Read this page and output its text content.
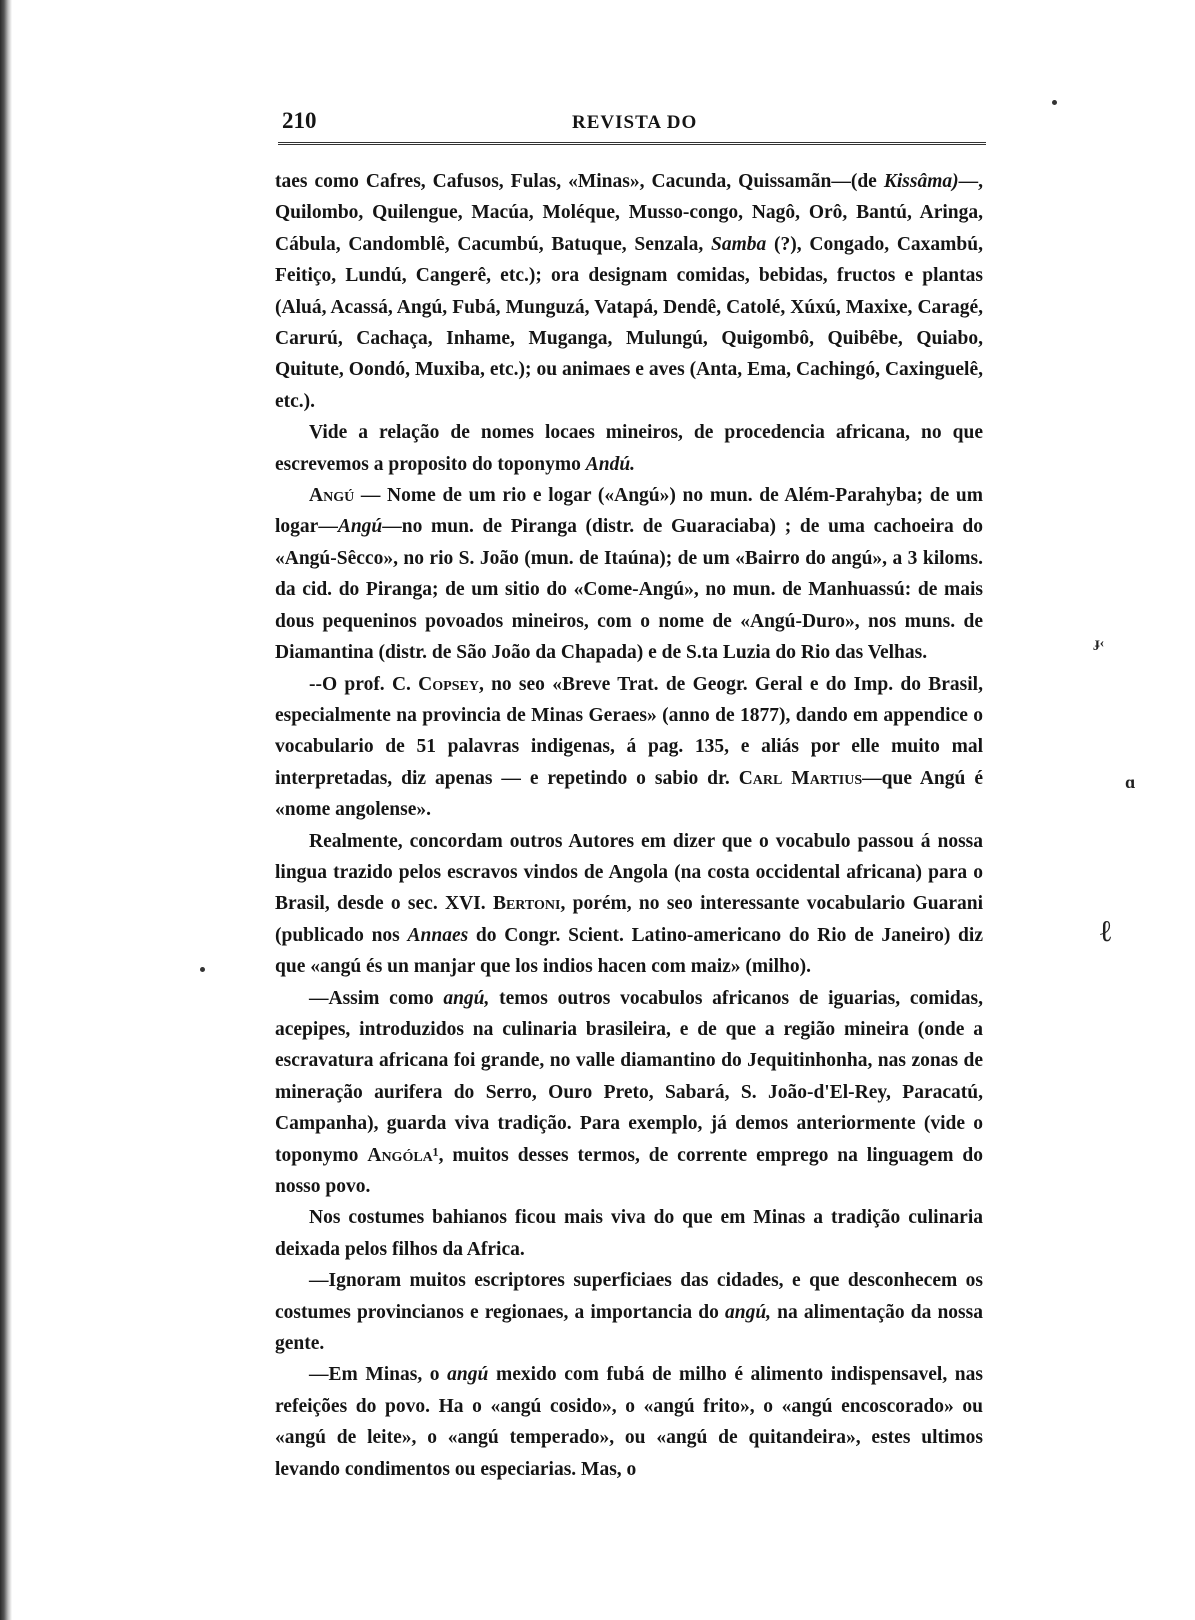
210	REVISTA DO

taes como Cafres, Cafusos, Fulas, «Minas», Cacunda, Quissamãn—(de Kissâma)—, Quilombo, Quilengue, Macúa, Moléque, Musso-congo, Nagô, Orô, Bantú, Aringa, Cábula, Candomblê, Cacumbú, Batuque, Senzala, Samba (?), Congado, Caxambú, Feitiço, Lundú, Cangerê, etc.); ora designam comidas, bebidas, fructos e plantas (Aluá, Acassá, Angú, Fubá, Munguzá, Vatapá, Dendê, Catolé, Xúxú, Maxixe, Caragé, Carurú, Cachaça, Inhame, Muganga, Mulungú, Quigombô, Quibêbe, Quiabo, Quitute, Oondó, Muxiba, etc.); ou animaes e aves (Anta, Ema, Cachingó, Caxinguelê, etc.).

Vide a relação de nomes locaes mineiros, de procedencia africana, no que escrevemos a proposito do toponymo Andú.

Angú — Nome de um rio e logar («Angú») no mun. de Além-Parahyba; de um logar—Angú—no mun. de Piranga (distr. de Guaraciaba) ; de uma cachoeira do «Angú-Sêcco», no rio S. João (mun. de Itaúna); de um «Bairro do angú», a 3 kiloms. da cid. do Piranga; de um sitio do «Come-Angú», no mun. de Manhuassú: de mais dous pequeninos povoados mineiros, com o nome de «Angú-Duro», nos muns. de Diamantina (distr. de São João da Chapada) e de S.ta Luzia do Rio das Velhas.

--O prof. C. Copsey, no seo «Breve Trat. de Geogr. Geral e do Imp. do Brasil, especialmente na provincia de Minas Geraes» (anno de 1877), dando em appendice o vocabulario de 51 palavras indigenas, á pag. 135, e aliás por elle muito mal interpretadas, diz apenas — e repetindo o sabio dr. Carl Martius—que Angú é «nome angolense».

Realmente, concordam outros Autores em dizer que o vocabulo passou á nossa lingua trazido pelos escravos vindos de Angola (na costa occidental africana) para o Brasil, desde o sec. XVI. Bertoni, porém, no seo interessante vocabulario Guarani (publicado nos Annaes do Congr. Scient. Latino-americano do Rio de Janeiro) diz que «angú és un manjar que los indios hacen com maiz» (milho).

—Assim como angú, temos outros vocabulos africanos de iguarias, comidas, acepipes, introduzidos na culinaria brasileira, e de que a região mineira (onde a escravatura africana foi grande, no valle diamantino do Jequitinhonha, nas zonas de mineração aurifera do Serro, Ouro Preto, Sabará, S. João-d'El-Rey, Paracatú, Campanha), guarda viva tradição. Para exemplo, já demos anteriormente (vide o toponymo Angóla¹, muitos desses termos, de corrente emprego na linguagem do nosso povo.

Nos costumes bahianos ficou mais viva do que em Minas a tradição culinaria deixada pelos filhos da Africa.

—Ignoram muitos escriptores superficiaes das cidades, e que desconhecem os costumes provincianos e regionaes, a importancia do angú, na alimentação da nossa gente.

—Em Minas, o angú mexido com fubá de milho é alimento indispensavel, nas refeições do povo. Ha o «angú cosido», o «angú frito», o «angú encoscorado» ou «angú de leite», o «angú temperado», ou «angú de quitandeira», estes ultimos levando condimentos ou especiarias. Mas, o

ɟ‹
ɑ
ℓ
